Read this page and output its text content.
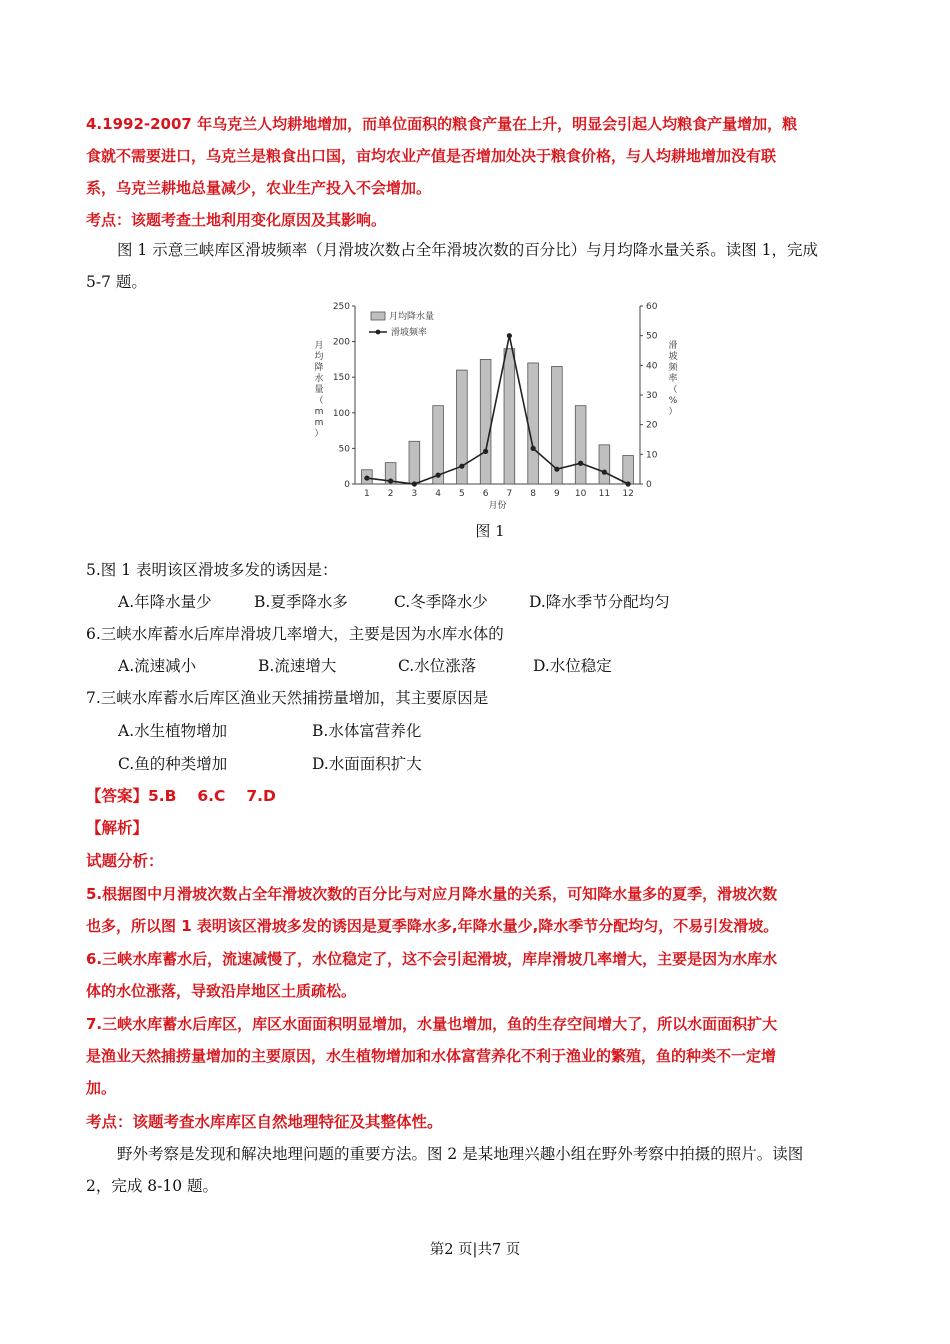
4.1992-2007 年乌克兰人均耕地增加，而单位面积的粮食产量在上升，明显会引起人均粮食产量增加，粮
食就不需要进口，乌克兰是粮食出口国，亩均农业产值是否增加处决于粮食价格，与人均耕地增加没有联
系，乌克兰耕地总量减少，农业生产投入不会增加。
考点：该题考查土地利用变化原因及其影响。
图 1 示意三峡库区滑坡频率（月滑坡次数占全年滑坡次数的百分比）与月均降水量关系。读图 1，完成
5-7 题。
0
50
100
150
200
250
0
10
20
30
40
50
60
1 2 3 4 5 6 7 8 9 10 11 12
月份
月均降水量（ m m ）
滑坡频率（%）
月均降水量
滑坡频率
图 1
5.图 1 表明该区滑坡多发的诱因是：
A.年降水量少	B.夏季降水多	C.冬季降水少	D.降水季节分配均匀
6.三峡水库蓄水后库岸滑坡几率增大，主要是因为水库水体的
A.流速减小	B.流速增大	C.水位涨落	D.水位稳定
7.三峡水库蓄水后库区渔业天然捕捞量增加，其主要原因是
A.水生植物增加	B.水体富营养化
C.鱼的种类增加	D.水面面积扩大
【答案】5.B　 6.C　 7.D
【解析】
试题分析：
5.根据图中月滑坡次数占全年滑坡次数的百分比与对应月降水量的关系，可知降水量多的夏季，滑坡次数
也多，所以图 1 表明该区滑坡多发的诱因是夏季降水多,年降水量少,降水季节分配均匀，不易引发滑坡。
6.三峡水库蓄水后，流速减慢了，水位稳定了，这不会引起滑坡，库岸滑坡几率增大，主要是因为水库水
体的水位涨落，导致沿岸地区土质疏松。
7.三峡水库蓄水后库区，库区水面面积明显增加，水量也增加，鱼的生存空间增大了，所以水面面积扩大
是渔业天然捕捞量增加的主要原因，水生植物增加和水体富营养化不利于渔业的繁殖，鱼的种类不一定增
加。
考点：该题考查水库库区自然地理特征及其整体性。
野外考察是发现和解决地理问题的重要方法。图 2 是某地理兴趣小组在野外考察中拍摄的照片。读图
2，完成 8-10 题。
第2 页|共7 页
